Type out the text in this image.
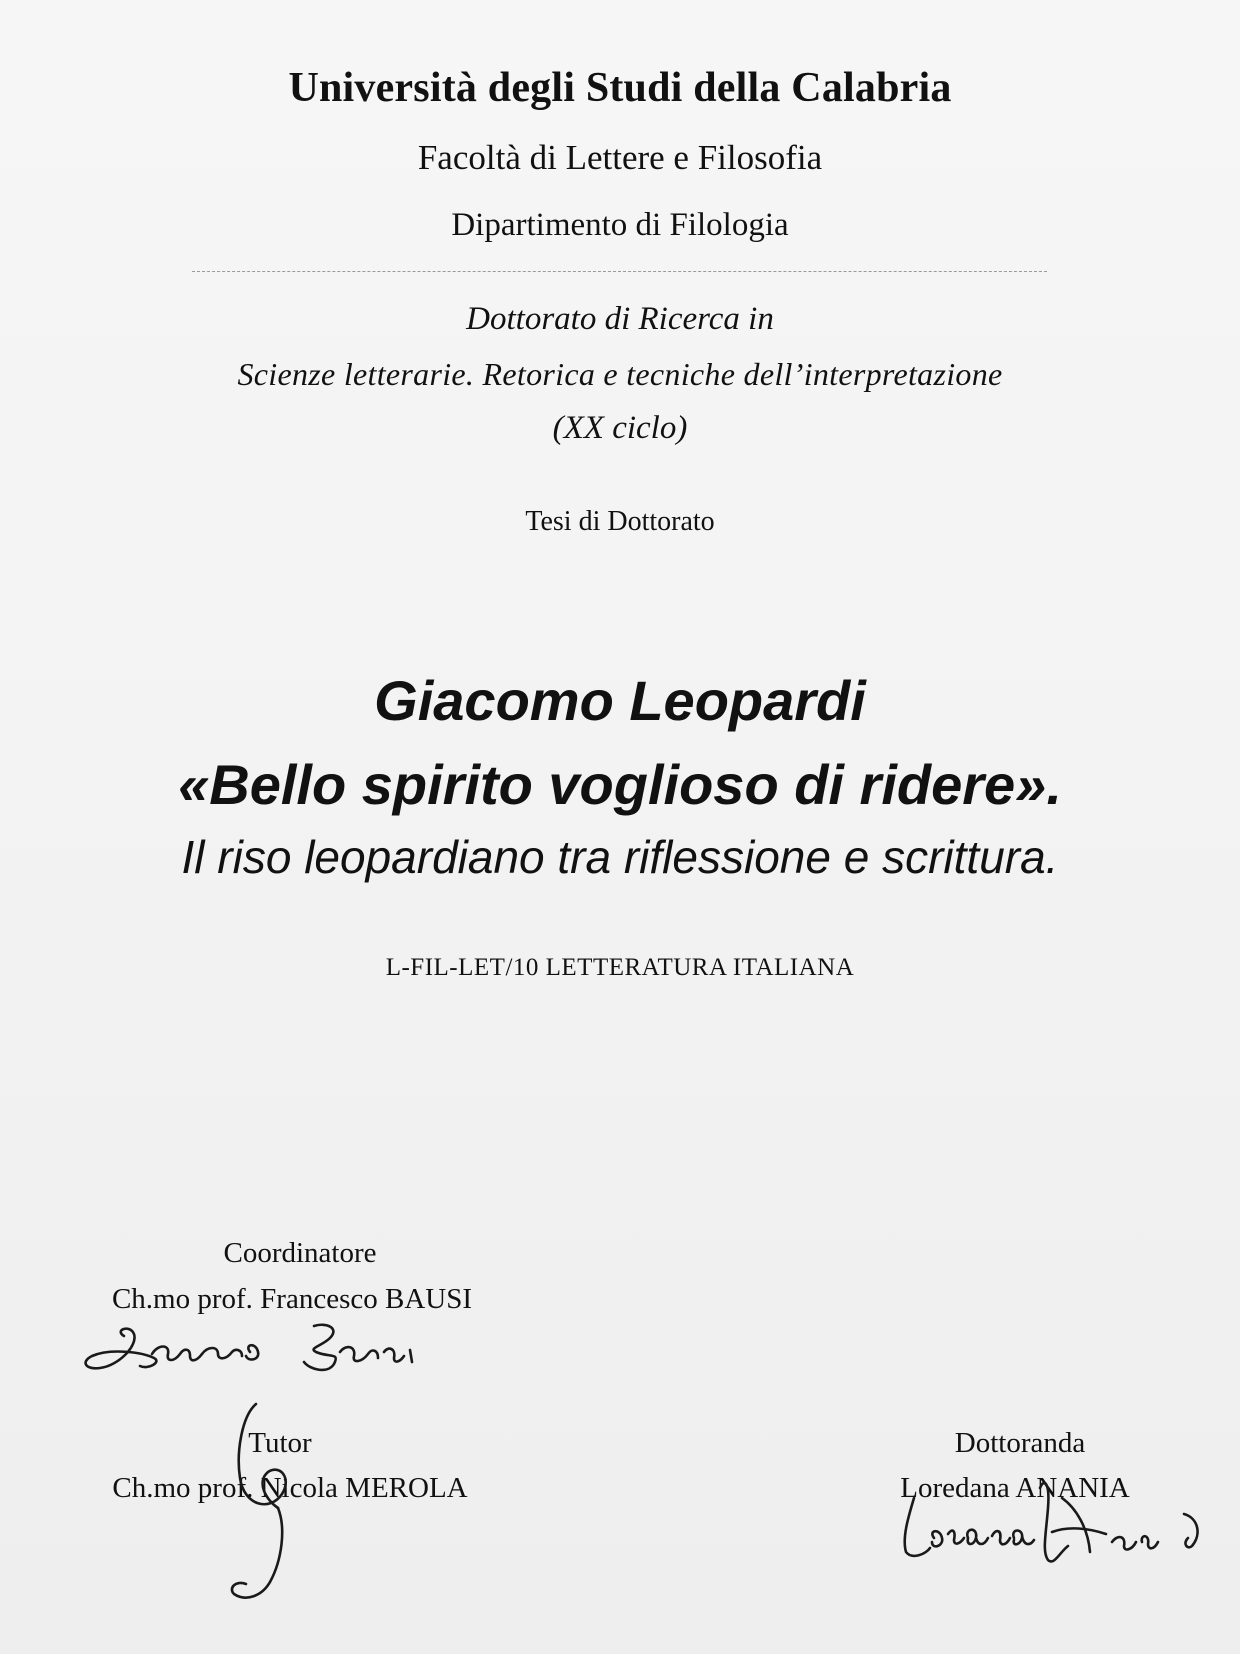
Università degli Studi della Calabria
Facoltà di Lettere e Filosofia
Dipartimento di Filologia
Dottorato di Ricerca in
Scienze letterarie. Retorica e tecniche dell’interpretazione
(XX ciclo)
Tesi di Dottorato
Giacomo Leopardi
«Bello spirito voglioso di ridere».
Il riso leopardiano tra riflessione e scrittura.
L-FIL-LET/10 LETTERATURA ITALIANA
Coordinatore
Ch.mo prof. Francesco BAUSI
Tutor
Ch.mo prof. Nicola MEROLA
Dottoranda
Loredana ANANIA
